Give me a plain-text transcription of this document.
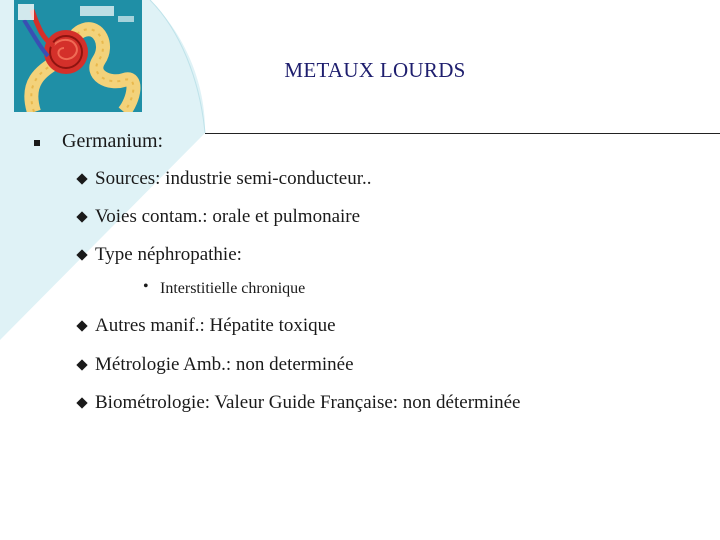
METAUX LOURDS
Germanium:
Sources: industrie semi-conducteur..
Voies contam.: orale et pulmonaire
Type néphropathie:
• Interstitielle chronique
Autres manif.: Hépatite toxique
Métrologie Amb.: non determinée
Biométrologie: Valeur Guide Française: non déterminée
